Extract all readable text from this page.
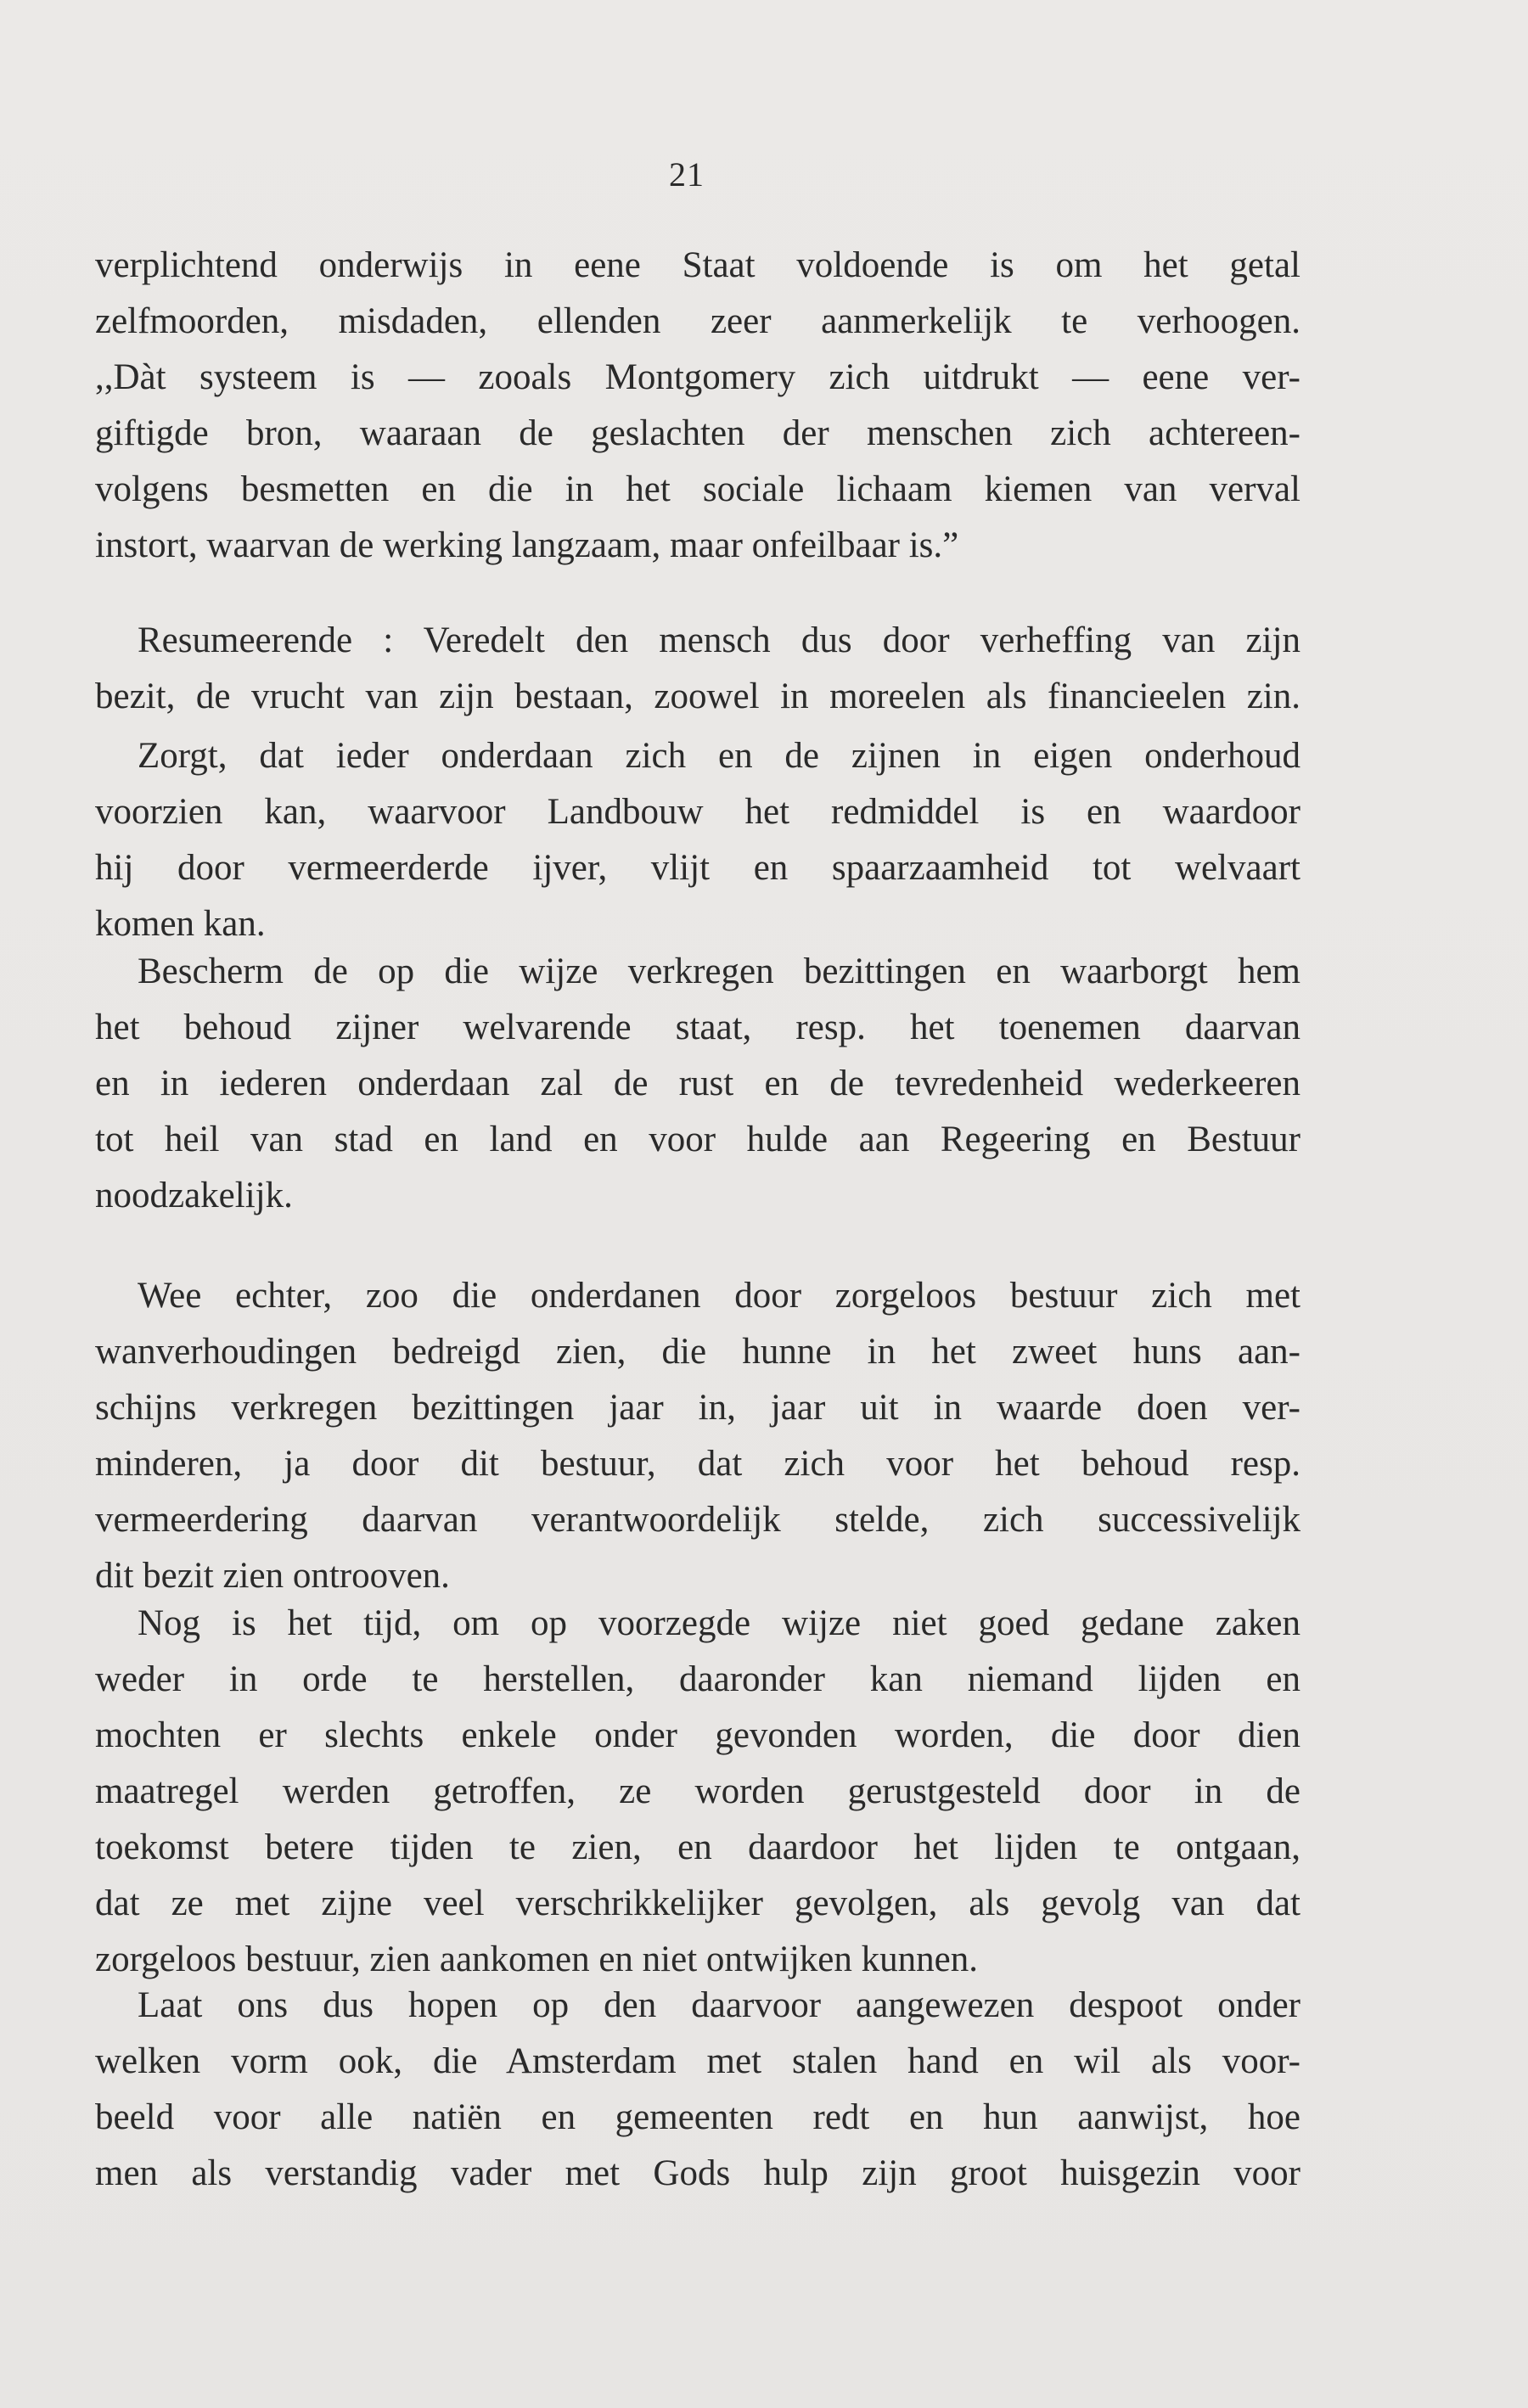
21
verplichtend onderwijs in eene Staat voldoende is om het getal
zelfmoorden, misdaden, ellenden zeer aanmerkelijk te verhoogen.
,,Dàt systeem is — zooals Montgomery zich uitdrukt — eene ver-
giftigde bron, waaraan de geslachten der menschen zich achtereen-
volgens besmetten en die in het sociale lichaam kiemen van verval
instort, waarvan de werking langzaam, maar onfeilbaar is.”
Resumeerende : Veredelt den mensch dus door verheffing van zijn
bezit, de vrucht van zijn bestaan, zoowel in moreelen als financieelen zin.
Zorgt, dat ieder onderdaan zich en de zijnen in eigen onderhoud
voorzien kan, waarvoor Landbouw het redmiddel is en waardoor
hij door vermeerderde ijver, vlijt en spaarzaamheid tot welvaart
komen kan.
Bescherm de op die wijze verkregen bezittingen en waarborgt hem
het behoud zijner welvarende staat, resp. het toenemen daarvan
en in iederen onderdaan zal de rust en de tevredenheid wederkeeren
tot heil van stad en land en voor hulde aan Regeering en Bestuur
noodzakelijk.
Wee echter, zoo die onderdanen door zorgeloos bestuur zich met
wanverhoudingen bedreigd zien, die hunne in het zweet huns aan-
schijns verkregen bezittingen jaar in, jaar uit in waarde doen ver-
minderen, ja door dit bestuur, dat zich voor het behoud resp.
vermeerdering daarvan verantwoordelijk stelde, zich successivelijk
dit bezit zien ontrooven.
Nog is het tijd, om op voorzegde wijze niet goed gedane zaken
weder in orde te herstellen, daaronder kan niemand lijden en
mochten er slechts enkele onder gevonden worden, die door dien
maatregel werden getroffen, ze worden gerustgesteld door in de
toekomst betere tijden te zien, en daardoor het lijden te ontgaan,
dat ze met zijne veel verschrikkelijker gevolgen, als gevolg van dat
zorgeloos bestuur, zien aankomen en niet ontwijken kunnen.
Laat ons dus hopen op den daarvoor aangewezen despoot onder
welken vorm ook, die Amsterdam met stalen hand en wil als voor-
beeld voor alle natiën en gemeenten redt en hun aanwijst, hoe
men als verstandig vader met Gods hulp zijn groot huisgezin voor
